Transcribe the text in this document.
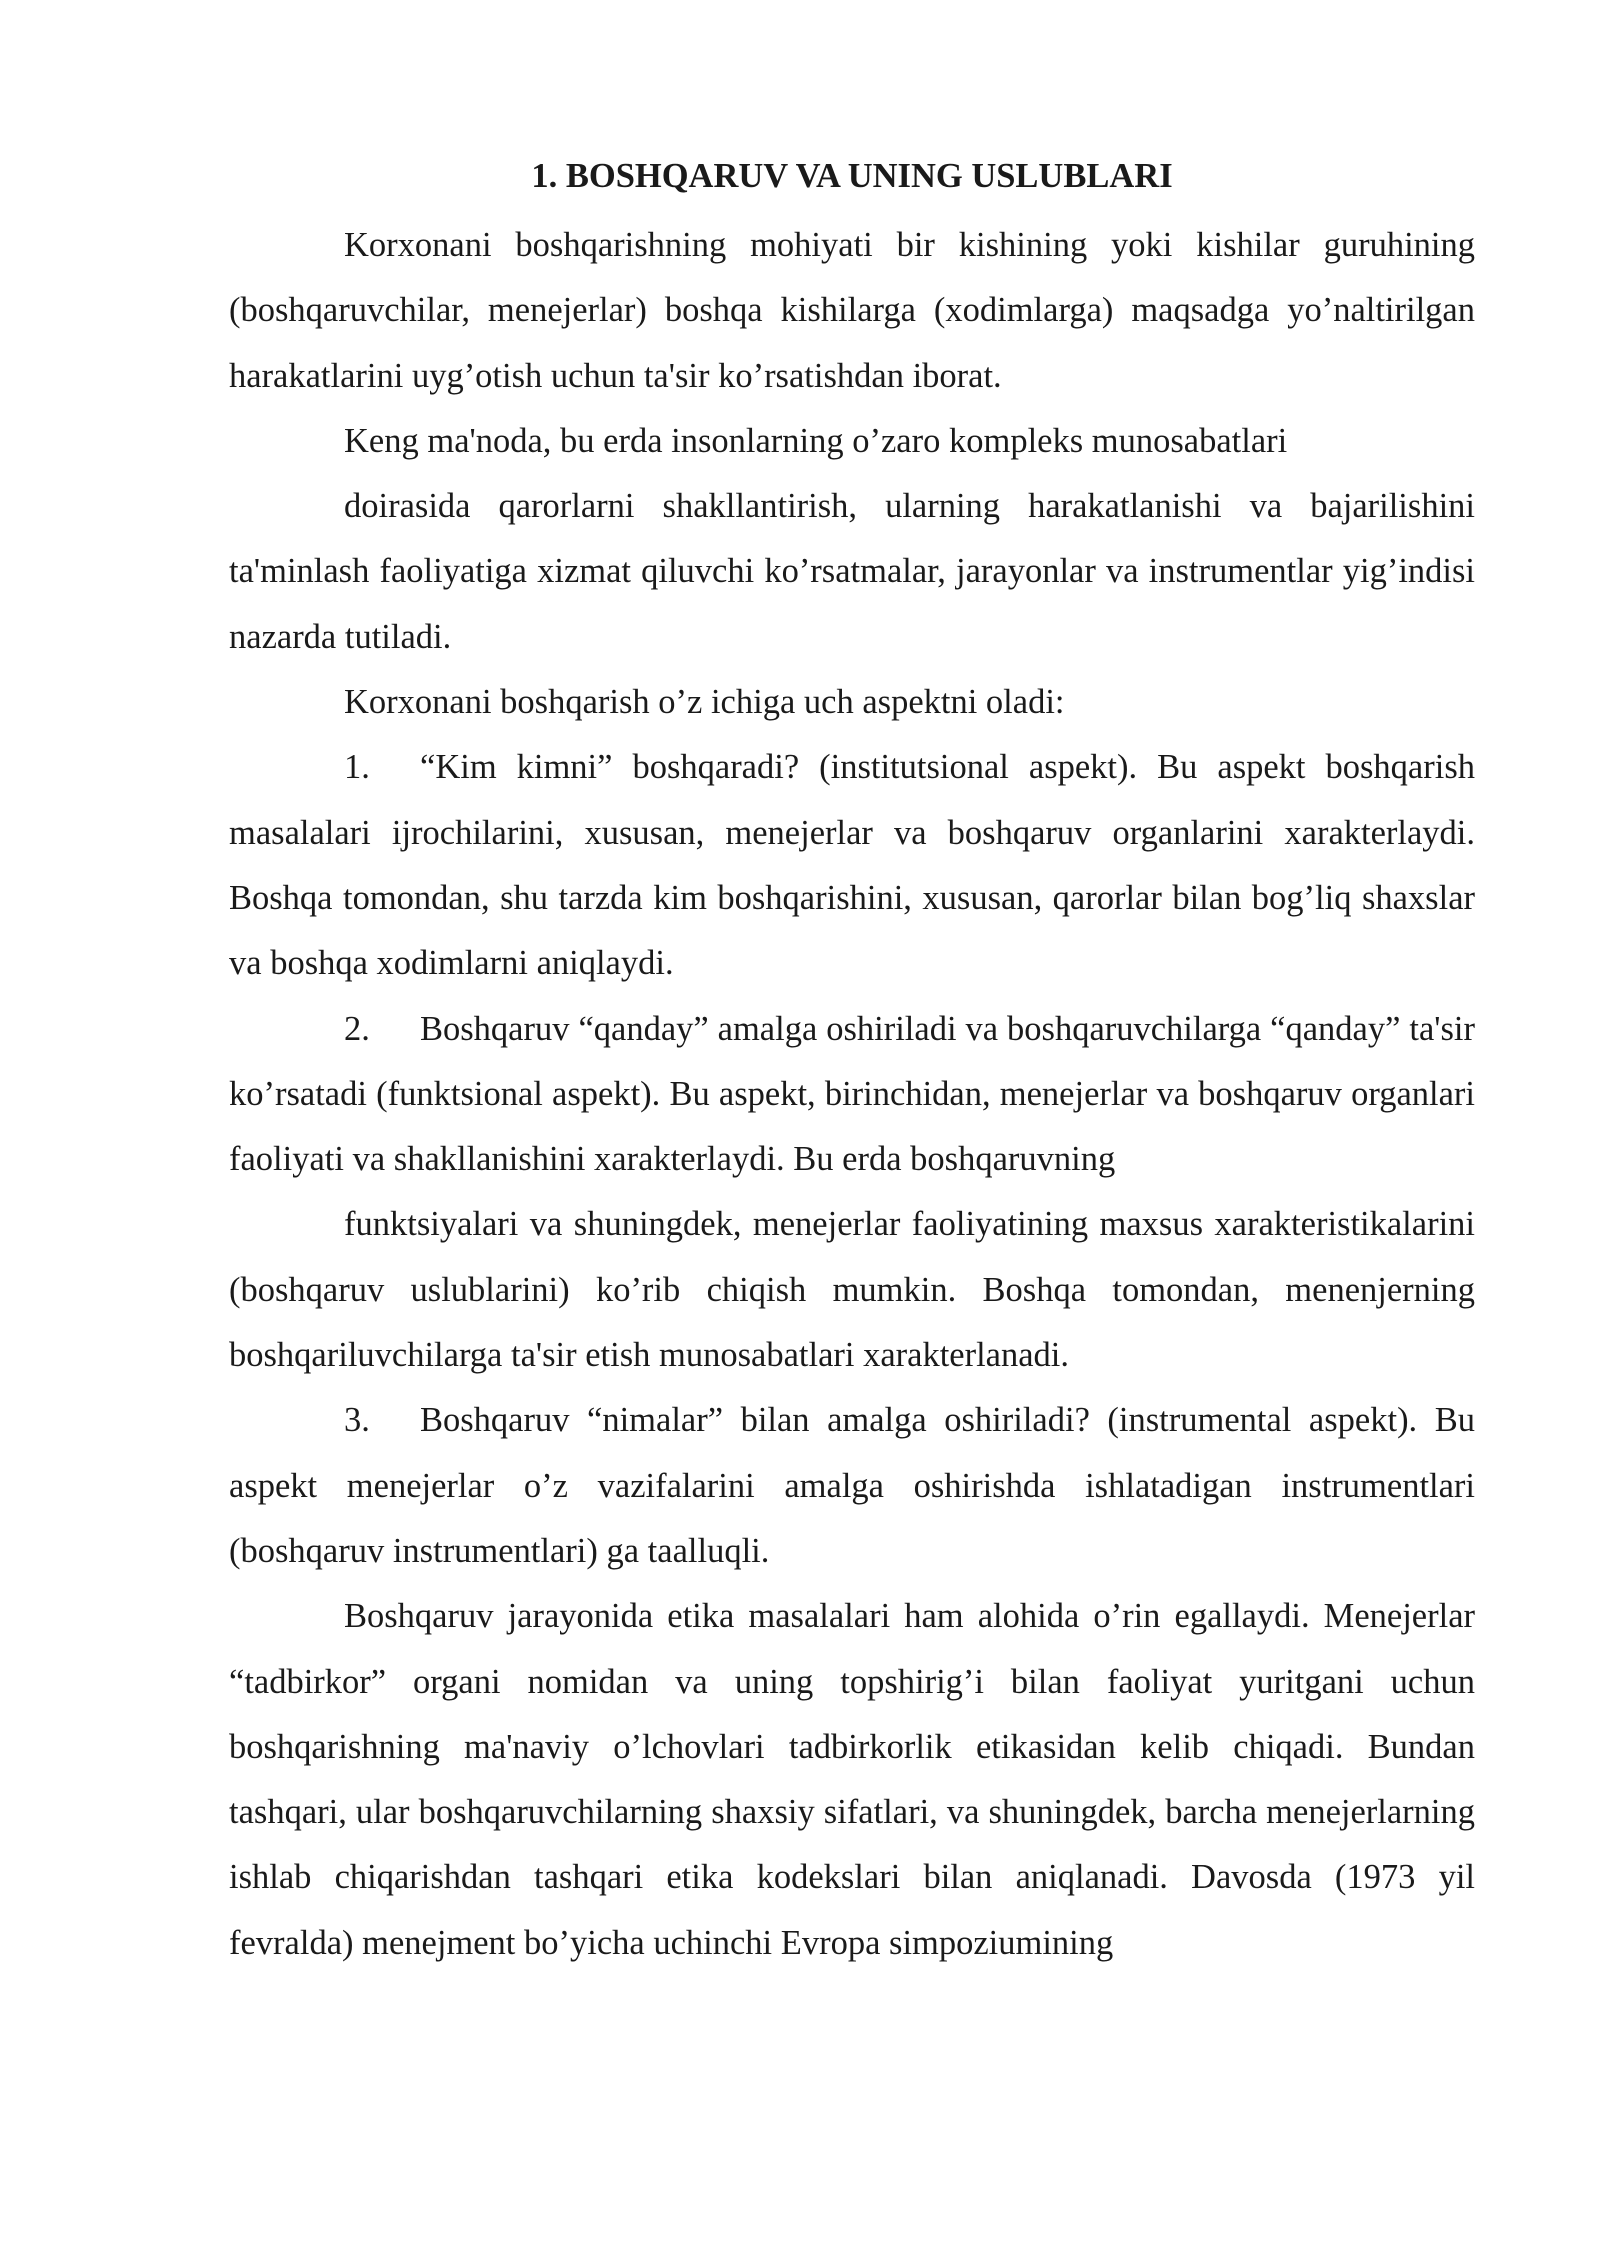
1. BOSHQARUV VA UNING USLUBLARI

Korxonani boshqarishning mohiyati bir kishining yoki kishilar guruhining (boshqaruvchilar, menejerlar) boshqa kishilarga (xodimlarga) maqsadga yo’naltirilgan harakatlarini uyg’otish uchun ta'sir ko’rsatishdan iborat.

Keng ma'noda, bu erda insonlarning o’zaro kompleks munosabatlari

doirasida qarorlarni shakllantirish, ularning harakatlanishi va bajarilishini ta'minlash faoliyatiga xizmat qiluvchi ko’rsatmalar, jarayonlar va instrumentlar yig’indisi nazarda tutiladi.

Korxonani boshqarish o’z ichiga uch aspektni oladi:

1. “Kim kimni” boshqaradi? (institutsional aspekt). Bu aspekt boshqarish masalalari ijrochilarini, xususan, menejerlar va boshqaruv organlarini xarakterlaydi. Boshqa tomondan, shu tarzda kim boshqarishini, xususan, qarorlar bilan bog’liq shaxslar va boshqa xodimlarni aniqlaydi.

2. Boshqaruv “qanday” amalga oshiriladi va boshqaruvchilarga “qanday” ta'sir ko’rsatadi (funktsional aspekt). Bu aspekt, birinchidan, menejerlar va boshqaruv organlari faoliyati va shakllanishini xarakterlaydi. Bu erda boshqaruvning

funktsiyalari va shuningdek, menejerlar faoliyatining maxsus xarakteristikalarini (boshqaruv uslublarini) ko’rib chiqish mumkin. Boshqa tomondan, menenjerning boshqariluvchilarga ta'sir etish munosabatlari xarakterlanadi.

3. Boshqaruv “nimalar” bilan amalga oshiriladi? (instrumental aspekt). Bu aspekt menejerlar o’z vazifalarini amalga oshirishda ishlatadigan instrumentlari (boshqaruv instrumentlari) ga taalluqli.

Boshqaruv jarayonida etika masalalari ham alohida o’rin egallaydi. Menejerlar “tadbirkor” organi nomidan va uning topshirig’i bilan faoliyat yuritgani uchun boshqarishning ma'naviy o’lchovlari tadbirkorlik etikasidan kelib chiqadi. Bundan tashqari, ular boshqaruvchilarning shaxsiy sifatlari, va shuningdek, barcha menejerlarning ishlab chiqarishdan tashqari etika kodekslari bilan aniqlanadi. Davosda (1973 yil fevralda) menejment bo’yicha uchinchi Evropa simpoziumining
